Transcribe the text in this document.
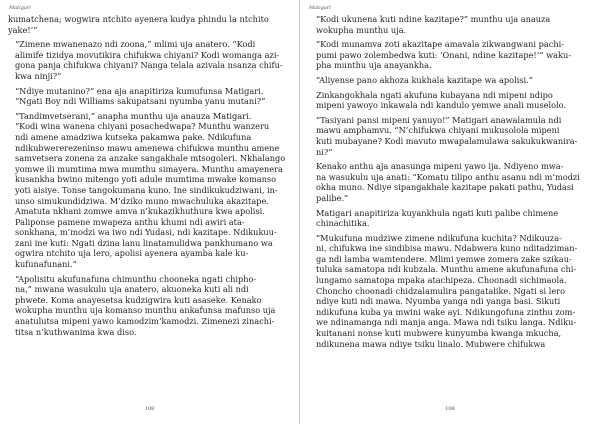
Matigari

kumatchena; wogwira ntchito ayenera kudya phindu la ntchito
yake!’”

“Zimene mwanenazo ndi zoona,” mlimi uja anatero. “Kodi
alimife tizidya movutikira chifukwa chiyani? Kodi womanga azi-
gona panja chifukwa chiyani? Nanga telala azivala nsanza chifu-
kwa ninji?”

“Ndiye mutanino?” ena aja anapitiriza kumufunsa Matigari.
“Ngati Boy ndi Williams sakupatsani nyumba yanu mutani?”

“Tandimvetserani,” anapha munthu uja anauza Matigari.
“Kodi wina wanena chiyani posachedwapa? Munthu wanzeru
ndi amene amadziwa kutseka pakamwa pake. Ndikufuna
ndikubwererezeninso mawu amenewa chifukwa munthu amene
samvetsera zonena za anzake sangakhale mtsogoleri. Nkhalango
yomwe ili mumtima mwa mumthu simayera. Munthu amayenera
kusankha bwino mitengo yoti adule mumtima mwake komanso
yoti aisiye. Tonse tangokumana kuno. Ine sindikukudziwani, in-
unso simukundidziwa. M’dziko muno mwachuluka akazitape.
Amatuta nkhani zomwe amva n’kukazikhuthura kwa apolisi.
Paliponse pamene mwapeza anthu khumi ndi awiri ata-
sonkhana, m’modzi wa iwo ndi Yudasi, ndi kazitape. Ndikukuu-
zani ine kuti: Ngati dzina lanu linatamulidwa pankhumano wa
ogwira ntchito uja lero, apolisi ayenera ayamba kale ku-
kufunafunani.”

“Apolisitu akufunafuna chimunthu chooneka ngati chipho-
na,” mwana wasukulu uja anatero, akuoneka kuti ali ndi
phwete. Koma anayesetsa kudzigwira kuti asaseke. Kenako
wokupha munthu uja komanso munthu ankafunsa mafunso uja
anatulutsa mipeni yawo kamodzim’kamodzi. Zimenezi zinachi-
titsa n’kuthwanima kwa diso.

108
Matigari

“Kodi ukunena kuti ndine kazitape?” munthu uja anauza
wokupha munthu uja.

“Kodi munamva zoti akazitape amavala zikwangwani pachi-
pumi pawo zolembedwa kuti: ‘Onani, ndine kazitape!’” waku-
pha munthu uja anayankha.

“Aliyense pano akhoza kukhala kazitape wa apolisi.”

Zinkangokhala ngati akufuna kubayana ndi mipeni ndipo
mipeni yawoyo inkawala ndi kandulo yemwe anali muselolo.

“Tasiyani pansi mipeni yanuyo!” Matigari anawalamula ndi
mawu amphamvu. “N’chifukwa chiyani mukusolola mipeni
kuti mubayane? Kodi mavuto mwapalamulawa sakukukwanira-
ni?”

Kenako anthu aja anasunga mipeni yawo ija. Ndiyeno mwa-
na wasukulu uja anati: “Komatu tilipo anthu asanu ndi m’modzi
okha muno. Ndiye sipangakhale kazitape pakati pathu, Yudasi
palibe.”

Matigari anapitiriza kuyankhula ngati kuti palibe chimene
chinachitika.

“Mukufuna mudziwe zimene ndikufuna kuchita? Ndikuuza-
ni, chifukwa ine sindibisa mawu. Ndabwera kuno nditadziman-
ga ndi lamba wamtendere. Mlimi yemwe zomera zake szikau-
tuluka samatopa ndi kubzala. Munthu amene akufunafuna chi-
lungamo samatopa mpaka atachipeza. Choonadi sichimaola.
Choncho choonadi chidzalamulira pangatalike. Ngati si lero
ndiye kuti ndi mawa. Nyumba yanga ndi yanga basi. Sikuti
ndikufuna kuba ya mwini wake ayi. Ndikungofuna zinthu zom-
we ndinamanga ndi manja anga. Mawa ndi tsiku langa. Ndiku-
kuitanani nonse kuti mubwere kunyumba kwanga mkucha,
ndikunena mawa ndiye tsiku linalo. Mubwere chifukwa

108
